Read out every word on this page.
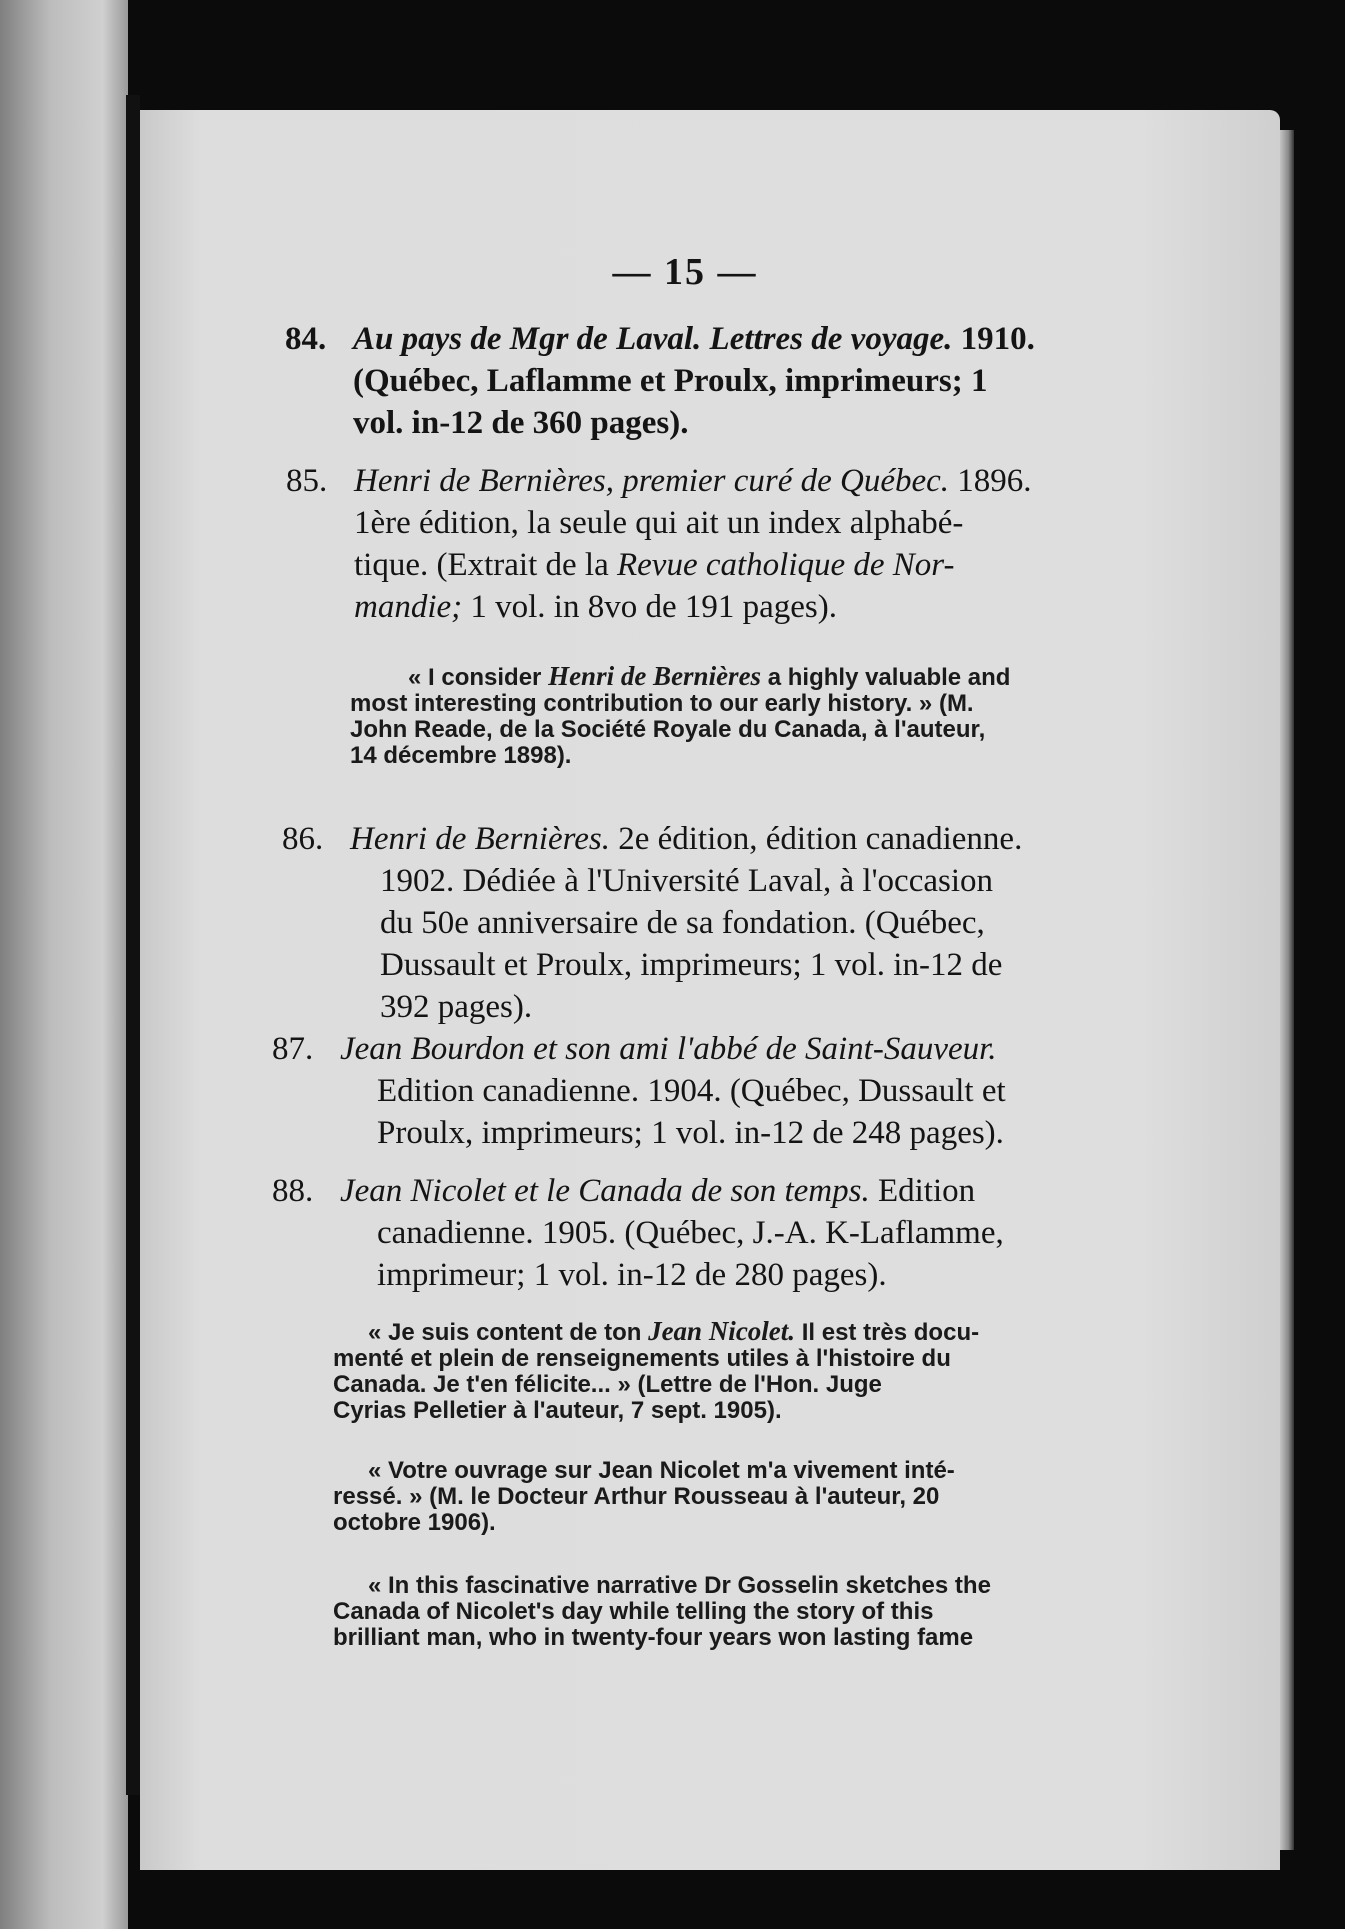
— 15 —
84. Au pays de Mgr de Laval. Lettres de voyage. 1910.
(Québec, Laflamme et Proulx, imprimeurs; 1
vol. in-12 de 360 pages).
85. Henri de Bernières, premier curé de Québec. 1896.
1ère édition, la seule qui ait un index alphabé-
tique. (Extrait de la Revue catholique de Nor-
mandie; 1 vol. in 8vo de 191 pages).
« I consider Henri de Bernières a highly valuable and
most interesting contribution to our early history. » (M.
John Reade, de la Société Royale du Canada, à l'auteur,
14 décembre 1898).
86. Henri de Bernières. 2e édition, édition canadienne.
1902. Dédiée à l'Université Laval, à l'occasion
du 50e anniversaire de sa fondation. (Québec,
Dussault et Proulx, imprimeurs; 1 vol. in-12 de
392 pages).
87. Jean Bourdon et son ami l'abbé de Saint-Sauveur.
Edition canadienne. 1904. (Québec, Dussault et
Proulx, imprimeurs; 1 vol. in-12 de 248 pages).
88. Jean Nicolet et le Canada de son temps. Edition
canadienne. 1905. (Québec, J.-A. K-Laflamme,
imprimeur; 1 vol. in-12 de 280 pages).
« Je suis content de ton Jean Nicolet. Il est très docu-
menté et plein de renseignements utiles à l'histoire du
Canada. Je t'en félicite... » (Lettre de l'Hon. Juge
Cyrias Pelletier à l'auteur, 7 sept. 1905).
« Votre ouvrage sur Jean Nicolet m'a vivement inté-
ressé. » (M. le Docteur Arthur Rousseau à l'auteur, 20
octobre 1906).
« In this fascinative narrative Dr Gosselin sketches the
Canada of Nicolet's day while telling the story of this
brilliant man, who in twenty-four years won lasting fame
